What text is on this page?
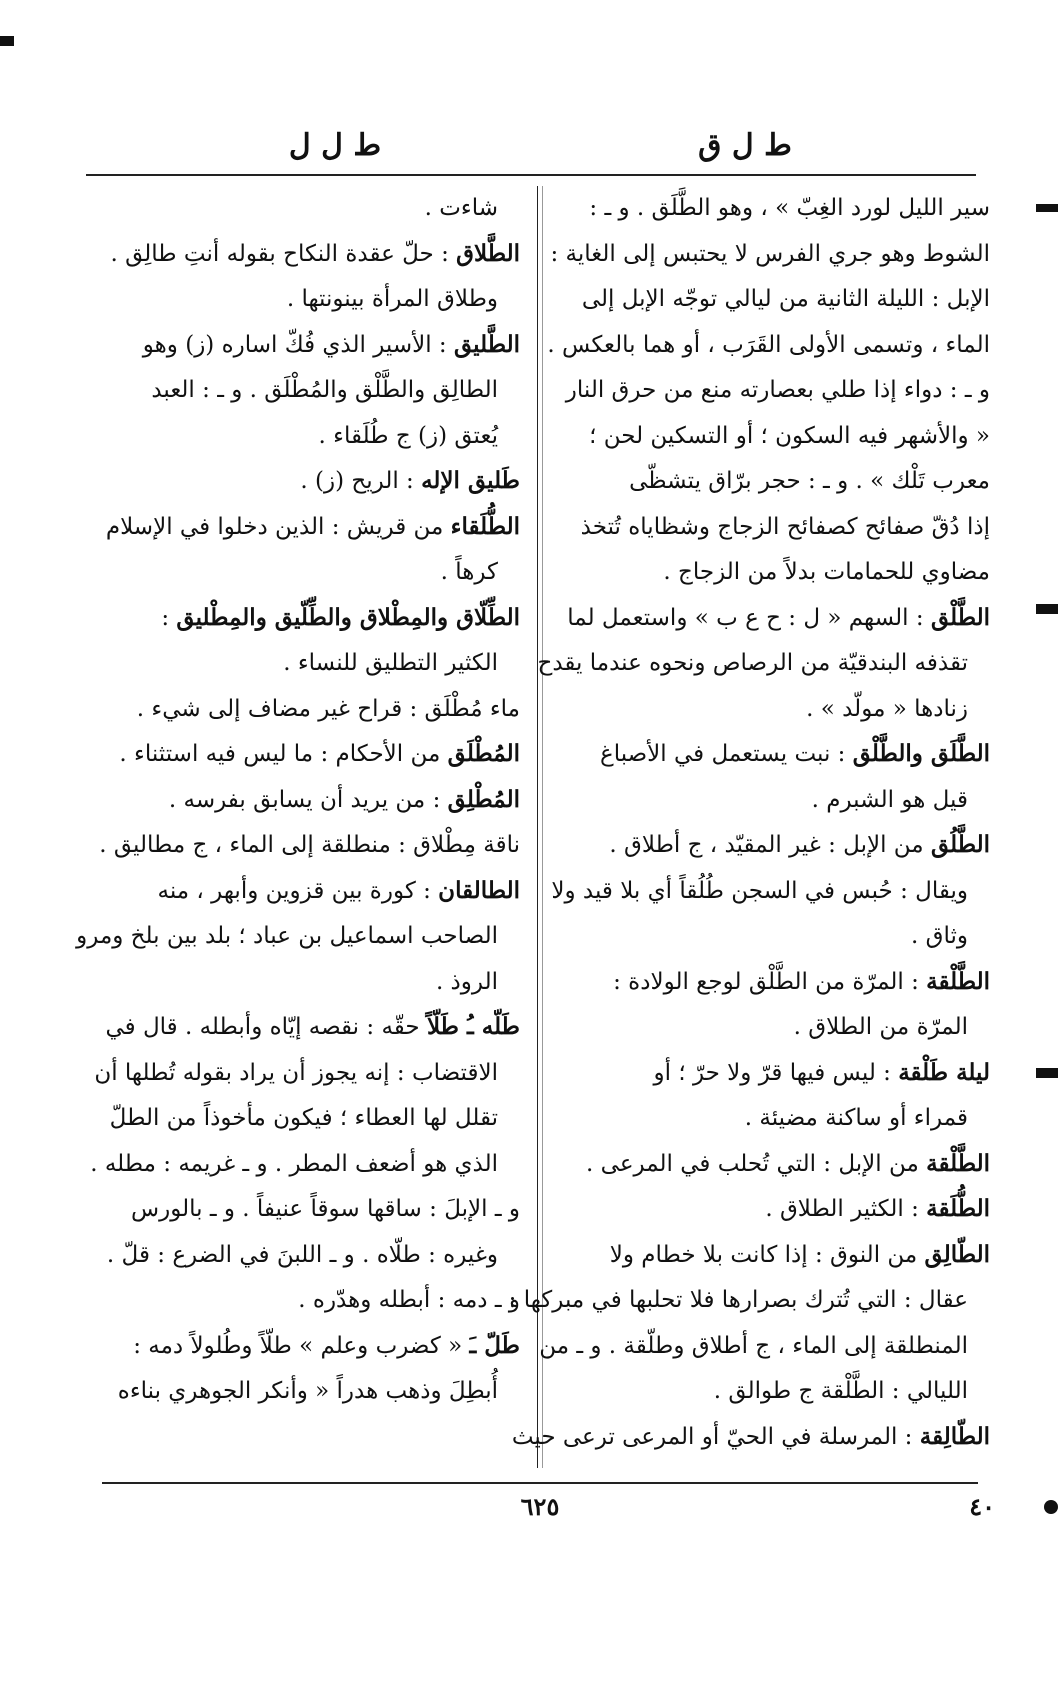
ط ل ق
ط ل ل
سير الليل لورد الغِبّ » ، وهو الطَّلَق . و ـ :
الشوط وهو جري الفرس لا يحتبس إلى الغاية :
الإبل : الليلة الثانية من ليالي توجّه الإبل إلى
الماء ، وتسمى الأولى القَرَب ، أو هما بالعكس .
و ـ : دواء إذا طلي بعصارته منع من حرق النار
« والأشهر فيه السكون ؛ أو التسكين لحن ؛
معرب تَلْك » . و ـ : حجر برّاق يتشظّى
إذا دُقّ صفائح كصفائح الزجاج وشظاياه تُتخذ
مضاوي للحمامات بدلاً من الزجاج .
الطَّلْق : السهم « ل : ح ع ب » واستعمل لما
تقذفه البندقيّة من الرصاص ونحوه عندما يقدح
زنادها « مولّد » .
الطَّلَق والطَّلْق : نبت يستعمل في الأصباغ
قيل هو الشبرم .
الطَّلُق من الإبل : غير المقيّد ، ج أطلاق .
ويقال : حُبس في السجن طُلُقاً أي بلا قيد ولا
وثاق .
الطَّلْقة : المرّة من الطَّلْق لوجع الولادة :
المرّة من الطلاق .
ليلة طَلْقة : ليس فيها قرّ ولا حرّ ؛ أو
قمراء أو ساكنة مضيئة .
الطَّلْقة من الإبل : التي تُحلب في المرعى .
الطُّلَقة : الكثير الطلاق .
الطّالِق من النوق : إذا كانت بلا خطام ولا
عقال : التي تُترك بصرارها فلا تحلبها في مبركها :
المنطلقة إلى الماء ، ج أطلاق وطلّقة . و ـ من
الليالي : الطَّلْقة ج طوالق .
الطّالِقة : المرسلة في الحيّ أو المرعى ترعى حيث
شاءت .
الطَّلاق : حلّ عقدة النكاح بقوله أنتِ طالِق .
وطلاق المرأة بينونتها .
الطَّليق : الأسير الذي فُكّ اساره (ز) وهو
الطالِق والطَّلْق والمُطْلَق . و ـ : العبد
يُعتق (ز) ج طُلَقاء .
طَليق الإله : الريح (ز) .
الطُّلَقاء من قريش : الذين دخلوا في الإسلام
كرهاً .
الطِّلّاق والمِطْلاق والطِّلّيق والمِطْليق :
الكثير التطليق للنساء .
ماء مُطْلَق : قراح غير مضاف إلى شيء .
المُطْلَق من الأحكام : ما ليس فيه استثناء .
المُطْلِق : من يريد أن يسابق بفرسه .
ناقة مِطْلاق : منطلقة إلى الماء ، ج مطاليق .
الطالقان : كورة بين قزوين وأبهر ، منه
الصاحب اسماعيل بن عباد ؛ بلد بين بلخ ومرو
الروذ .
طَلّه ـُ طَلّاً حقّه : نقصه إيّاه وأبطله . قال في
الاقتضاب : إنه يجوز أن يراد بقوله تُطلها أن
تقلل لها العطاء ؛ فيكون مأخوذاً من الطلّ
الذي هو أضعف المطر . و ـ غريمه : مطله .
و ـ الإبلَ : ساقها سوقاً عنيفاً . و ـ بالورس
وغيره : طلّاه . و ـ اللبنَ في الضرع : قلّ .
و ـ دمه : أبطله وهدّره .
طَلّ ـَ « كضرب وعلم » طلّاً وطُلولاً دمه :
أُبطِلَ وذهب هدراً « وأنكر الجوهري بناءه
٤٠
٦٢٥
